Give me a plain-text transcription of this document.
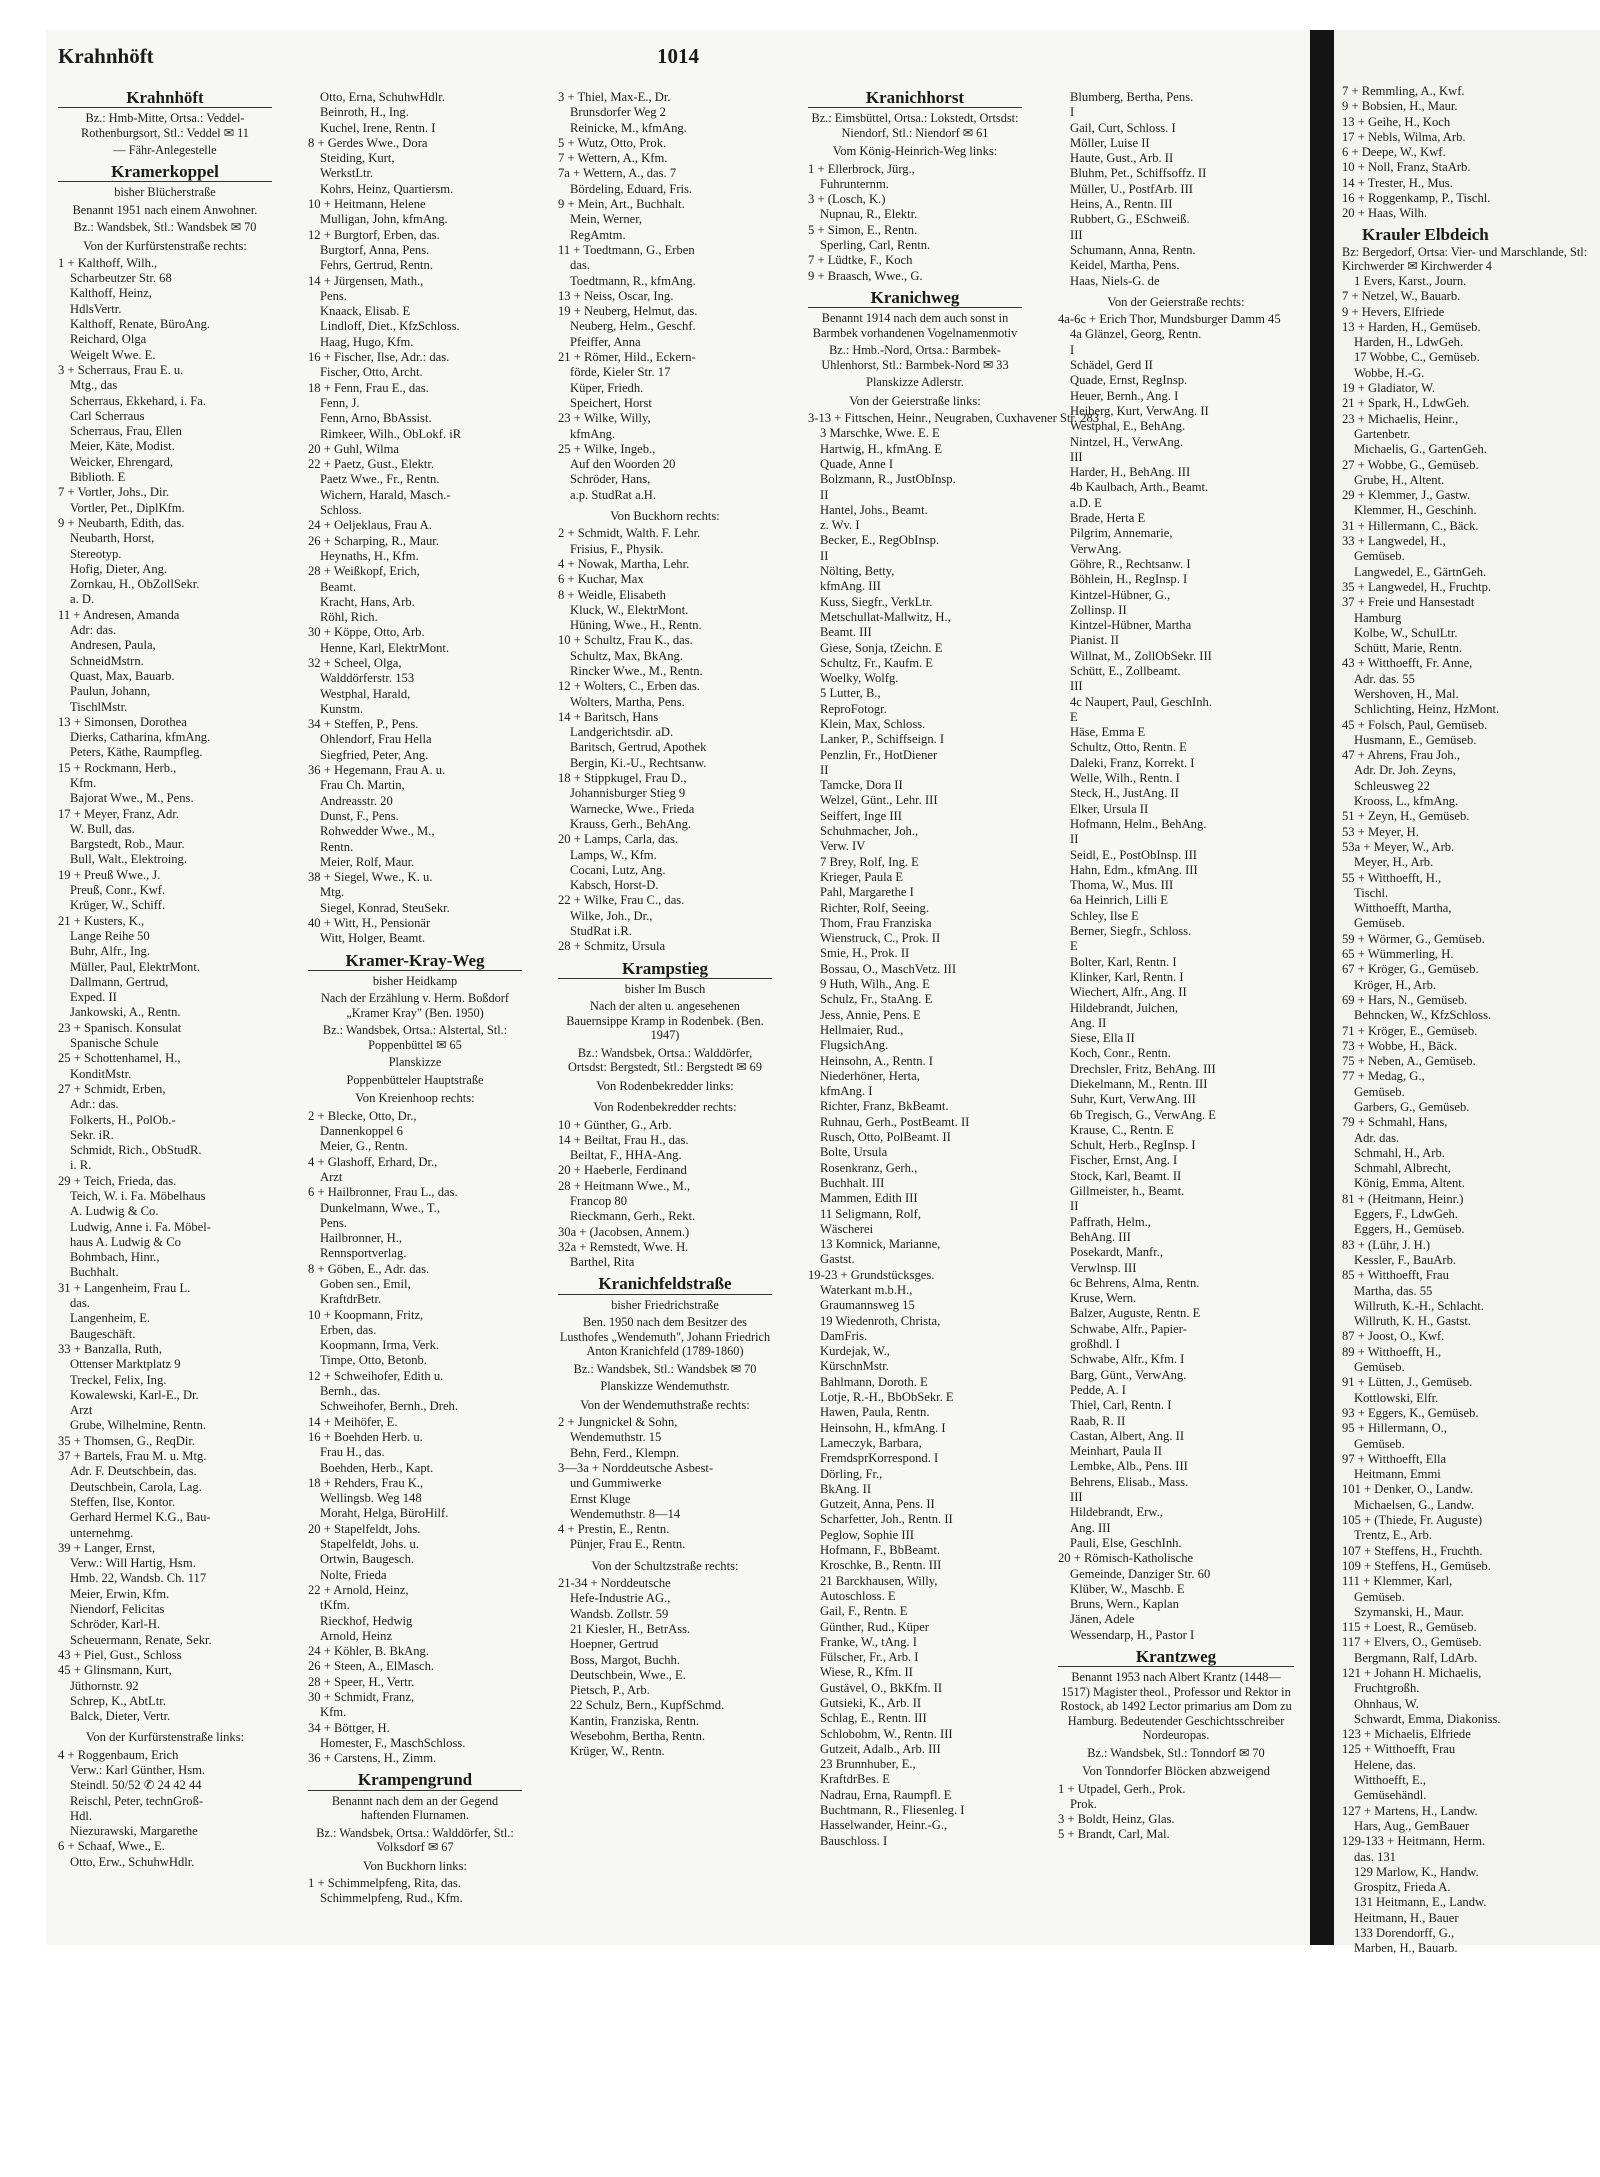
Krahnhöft	1014
Krahnhöft
Bz.: Hmb-Mitte, Ortsa.: Veddel-Rothenburgsort, Stl.: Veddel ✉ 11
— Fähr-Anlegestelle
Kramerkoppel
bisher Blücherstraße
Benannt 1951 nach einem Anwohner.
Bz.: Wandsbek, Stl.: Wandsbek ✉ 70
Von der Kurfürstenstraße rechts:
1 + Kalthoff, Wilh.,
Scharbeutzer Str. 68
Kalthoff, Heinz,
HdlsVertr.
Kalthoff, Renate, BüroAng.
Reichard, Olga
Weigelt Wwe. E.
3 + Scherraus, Frau E. u.
Mtg., das
Scherraus, Ekkehard, i. Fa.
Carl Scherraus
Scherraus, Frau, Ellen
Meier, Käte, Modist.
Weicker, Ehrengard,
Biblioth. E
7 + Vortler, Johs., Dir.
Vortler, Pet., DiplKfm.
9 + Neubarth, Edith, das.
Neubarth, Horst,
Stereotyp.
Hofig, Dieter, Ang.
Zornkau, H., ObZollSekr.
a. D.
11 + Andresen, Amanda
Adr: das.
Andresen, Paula,
SchneidMstrn.
Quast, Max, Bauarb.
Paulun, Johann,
TischlMstr.
13 + Simonsen, Dorothea
Dierks, Catharina, kfmAng.
Peters, Käthe, Raumpfleg.
15 + Rockmann, Herb.,
Kfm.
Bajorat Wwe., M., Pens.
17 + Meyer, Franz, Adr.
W. Bull, das.
Bargstedt, Rob., Maur.
Bull, Walt., Elektroing.
19 + Preuß Wwe., J.
Preuß, Conr., Kwf.
Krüger, W., Schiff.
21 + Kusters, K.,
Lange Reihe 50
Buhr, Alfr., Ing.
Müller, Paul, ElektrMont.
Dallmann, Gertrud,
Exped. II
Jankowski, A., Rentn.
23 + Spanisch. Konsulat
Spanische Schule
25 + Schottenhamel, H.,
KonditMstr.
27 + Schmidt, Erben,
Adr.: das.
Folkerts, H., PolOb.-
Sekr. iR.
Schmidt, Rich., ObStudR.
i. R.
29 + Teich, Frieda, das.
Teich, W. i. Fa. Möbelhaus
A. Ludwig & Co.
Ludwig, Anne i. Fa. Möbel-
haus A. Ludwig & Co
Bohmbach, Hinr.,
Buchhalt.
31 + Langenheim, Frau L.
das.
Langenheim, E.
Baugeschäft.
33 + Banzalla, Ruth,
Ottenser Marktplatz 9
Treckel, Felix, Ing.
Kowalewski, Karl-E., Dr.
Arzt
Grube, Wilhelmine, Rentn.
35 + Thomsen, G., ReqDir.
37 + Bartels, Frau M. u. Mtg.
Adr. F. Deutschbein, das.
Deutschbein, Carola, Lag.
Steffen, Ilse, Kontor.
Gerhard Hermel K.G., Bau-
unternehmg.
39 + Langer, Ernst,
Verw.: Will Hartig, Hsm.
Hmb. 22, Wandsb. Ch. 117
Meier, Erwin, Kfm.
Niendorf, Felicitas
Schröder, Karl-H.
Scheuermann, Renate, Sekr.
43 + Piel, Gust., Schloss
45 + Glinsmann, Kurt,
Jüthornstr. 92
Schrep, K., AbtLtr.
Balck, Dieter, Vertr.
Von der Kurfürstenstraße links:
4 + Roggenbaum, Erich
Verw.: Karl Günther, Hsm.
Steindl. 50/52 ✆ 24 42 44
Reischl, Peter, technGroß-
Hdl.
Niezurawski, Margarethe
6 + Schaaf, Wwe., E.
Otto, Erw., SchuhwHdlr.
Otto, Erna, SchuhwHdlr.
Beinroth, H., Ing.
Kuchel, Irene, Rentn. I
8 + Gerdes Wwe., Dora
Steiding, Kurt,
WerkstLtr.
Kohrs, Heinz, Quartiersm.
10 + Heitmann, Helene
Mulligan, John, kfmAng.
12 + Burgtorf, Erben, das.
Burgtorf, Anna, Pens.
Fehrs, Gertrud, Rentn.
14 + Jürgensen, Math.,
Pens.
Knaack, Elisab. E
Lindloff, Diet., KfzSchloss.
Haag, Hugo, Kfm.
16 + Fischer, Ilse, Adr.: das.
Fischer, Otto, Archt.
18 + Fenn, Frau E., das.
Fenn, J.
Fenn, Arno, BbAssist.
Rimkeer, Wilh., ObLokf. iR
20 + Guhl, Wilma
22 + Paetz, Gust., Elektr.
Paetz Wwe., Fr., Rentn.
Wichern, Harald, Masch.-
Schloss.
24 + Oeljeklaus, Frau A.
26 + Scharping, R., Maur.
Heynaths, H., Kfm.
28 + Weißkopf, Erich,
Beamt.
Kracht, Hans, Arb.
Röhl, Rich.
30 + Köppe, Otto, Arb.
Henne, Karl, ElektrMont.
32 + Scheel, Olga,
Walddörferstr. 153
Westphal, Harald,
Kunstm.
34 + Steffen, P., Pens.
Ohlendorf, Frau Hella
Siegfried, Peter, Ang.
36 + Hegemann, Frau A. u.
Frau Ch. Martin,
Andreasstr. 20
Dunst, F., Pens.
Rohwedder Wwe., M.,
Rentn.
Meier, Rolf, Maur.
38 + Siegel, Wwe., K. u.
Mtg.
Siegel, Konrad, SteuSekr.
40 + Witt, H., Pensionär
Witt, Holger, Beamt.
Kramer-Kray-Weg
bisher Heidkamp
Nach der Erzählung v. Herm. Boßdorf „Kramer Kray" (Ben. 1950)
Bz.: Wandsbek, Ortsa.: Alstertal, Stl.: Poppenbüttel ✉ 65
Planskizze
Poppenbütteler Hauptstraße
Von Kreienhoop rechts:
2 + Blecke, Otto, Dr.,
Dannenkoppel 6
Meier, G., Rentn.
4 + Glashoff, Erhard, Dr.,
Arzt
6 + Hailbronner, Frau L., das.
Dunkelmann, Wwe., T.,
Pens.
Hailbronner, H.,
Rennsportverlag.
8 + Göben, E., Adr. das.
Goben sen., Emil,
KraftdrBetr.
10 + Koopmann, Fritz,
Erben, das.
Koopmann, Irma, Verk.
Timpe, Otto, Betonb.
12 + Schweihofer, Edith u.
Bernh., das.
Schweihofer, Bernh., Dreh.
14 + Meihöfer, E.
16 + Boehden Herb. u.
Frau H., das.
Boehden, Herb., Kapt.
18 + Rehders, Frau K.,
Wellingsb. Weg 148
Moraht, Helga, BüroHilf.
20 + Stapelfeldt, Johs.
Stapelfeldt, Johs. u.
Ortwin, Baugesch.
Nolte, Frieda
22 + Arnold, Heinz,
tKfm.
Rieckhof, Hedwig
Arnold, Heinz
24 + Köhler, B. BkAng.
26 + Steen, A., ElMasch.
28 + Speer, H., Vertr.
30 + Schmidt, Franz,
Kfm.
34 + Böttger, H.
Homester, F., MaschSchloss.
36 + Carstens, H., Zimm.
Krampengrund
Benannt nach dem an der Gegend haftenden Flurnamen.
Bz.: Wandsbek, Ortsa.: Walddörfer, Stl.: Volksdorf ✉ 67
Von Buckhorn links:
1 + Schimmelpfeng, Rita, das.
Schimmelpfeng, Rud., Kfm.
3 + Thiel, Max-E., Dr.
Brunsdorfer Weg 2
Reinicke, M., kfmAng.
5 + Wutz, Otto, Prok.
7 + Wettern, A., Kfm.
7a + Wettern, A., das. 7
Bördeling, Eduard, Fris.
9 + Mein, Art., Buchhalt.
Mein, Werner,
RegAmtm.
11 + Toedtmann, G., Erben
das.
Toedtmann, R., kfmAng.
13 + Neiss, Oscar, Ing.
19 + Neuberg, Helmut, das.
Neuberg, Helm., Geschf.
Pfeiffer, Anna
21 + Römer, Hild., Eckern-
förde, Kieler Str. 17
Küper, Friedh.
Speichert, Horst
23 + Wilke, Willy,
kfmAng.
25 + Wilke, Ingeb.,
Auf den Woorden 20
Schröder, Hans,
a.p. StudRat a.H.
Von Buckhorn rechts:
2 + Schmidt, Walth. F. Lehr.
Frisius, F., Physik.
4 + Nowak, Martha, Lehr.
6 + Kuchar, Max
8 + Weidle, Elisabeth
Kluck, W., ElektrMont.
Hüning, Wwe., H., Rentn.
10 + Schultz, Frau K., das.
Schultz, Max, BkAng.
Rincker Wwe., M., Rentn.
12 + Wolters, C., Erben das.
Wolters, Martha, Pens.
14 + Baritsch, Hans
Landgerichtsdir. aD.
Baritsch, Gertrud, Apothek
Bergin, Ki.-U., Rechtsanw.
18 + Stippkugel, Frau D.,
Johannisburger Stieg 9
Warnecke, Wwe., Frieda
Krauss, Gerh., BehAng.
20 + Lamps, Carla, das.
Lamps, W., Kfm.
Cocani, Lutz, Ang.
Kabsch, Horst-D.
22 + Wilke, Frau C., das.
Wilke, Joh., Dr.,
StudRat i.R.
28 + Schmitz, Ursula
Krampstieg
bisher Im Busch
Nach der alten u. angesehenen Bauernsippe Kramp in Rodenbek. (Ben. 1947)
Bz.: Wandsbek, Ortsa.: Walddörfer, Ortsdst: Bergstedt, Stl.: Bergstedt ✉ 69
Von Rodenbekredder links:
Von Rodenbekredder rechts:
10 + Günther, G., Arb.
14 + Beiltat, Frau H., das.
Beiltat, F., HHA-Ang.
20 + Haeberle, Ferdinand
28 + Heitmann Wwe., M.,
Francop 80
Rieckmann, Gerh., Rekt.
30a + (Jacobsen, Annem.)
32a + Remstedt, Wwe. H.
Barthel, Rita
Kranichfeldstraße
bisher Friedrichstraße
Ben. 1950 nach dem Besitzer des Lusthofes „Wendemuth", Johann Friedrich Anton Kranichfeld (1789-1860)
Bz.: Wandsbek, Stl.: Wandsbek ✉ 70
Planskizze Wendemuthstr.
Von der Wendemuthstraße rechts:
2 + Jungnickel & Sohn,
Wendemuthstr. 15
Behn, Ferd., Klempn.
3—3a + Norddeutsche Asbest-
und Gummiwerke
Ernst Kluge
Wendemuthstr. 8—14
4 + Prestin, E., Rentn.
Pünjer, Frau E., Rentn.
Von der Schultzstraße rechts:
21-34 + Norddeutsche
Hefe-Industrie AG.,
Wandsb. Zollstr. 59
21 Kiesler, H., BetrAss.
Hoepner, Gertrud
Boss, Margot, Buchh.
Deutschbein, Wwe., E.
Pietsch, P., Arb.
22 Schulz, Bern., KupfSchmd.
Kantin, Franziska, Rentn.
Wesebohm, Bertha, Rentn.
Krüger, W., Rentn.
Kranichhorst
Bz.: Eimsbüttel, Ortsa.: Lokstedt, Ortsdst: Niendorf, Stl.: Niendorf ✉ 61
Vom König-Heinrich-Weg links:
1 + Ellerbrock, Jürg.,
Fuhrunternm.
3 + (Losch, K.)
Nupnau, R., Elektr.
5 + Simon, E., Rentn.
Sperling, Carl, Rentn.
7 + Lüdtke, F., Koch
9 + Braasch, Wwe., G.
Kranichweg
Benannt 1914 nach dem auch sonst in Barmbek vorhandenen Vogelnamenmotiv
Bz.: Hmb.-Nord, Ortsa.: Barmbek-Uhlenhorst, Stl.: Barmbek-Nord ✉ 33
Planskizze Adlerstr.
Von der Geierstraße links:
3-13 + Fittschen, Heinr., Neugraben, Cuxhavener Str. 283
3 Marschke, Wwe. E. E
Hartwig, H., kfmAng. E
Quade, Anne I
Bolzmann, R., JustObInsp.
II
Hantel, Johs., Beamt.
z. Wv. I
Becker, E., RegObInsp.
II
Nölting, Betty,
kfmAng. III
Kuss, Siegfr., VerkLtr.
Metschullat-Mallwitz, H.,
Beamt. III
Giese, Sonja, tZeichn. E
Schultz, Fr., Kaufm. E
Woelky, Wolfg.
5 Lutter, B.,
ReproFotogr.
Klein, Max, Schloss.
Lanker, P., Schiffseign. I
Penzlin, Fr., HotDiener
II
Tamcke, Dora II
Welzel, Günt., Lehr. III
Seiffert, Inge III
Schuhmacher, Joh.,
Verw. IV
7 Brey, Rolf, Ing. E
Krieger, Paula E
Pahl, Margarethe I
Richter, Rolf, Seeing.
Thom, Frau Franziska
Wienstruck, C., Prok. II
Smie, H., Prok. II
Bossau, O., MaschVetz. III
9 Huth, Wilh., Ang. E
Schulz, Fr., StaAng. E
Jess, Annie, Pens. E
Hellmaier, Rud.,
FlugsichAng.
Heinsohn, A., Rentn. I
Niederhöner, Herta,
kfmAng. I
Richter, Franz, BkBeamt.
Ruhnau, Gerh., PostBeamt. II
Rusch, Otto, PolBeamt. II
Bolte, Ursula
Rosenkranz, Gerh.,
Buchhalt. III
Mammen, Edith III
11 Seligmann, Rolf,
Wäscherei
13 Komnick, Marianne,
Gastst.
19-23 + Grundstücksges.
Waterkant m.b.H.,
Graumannsweg 15
19 Wiedenroth, Christa,
DamFris.
Kurdejak, W.,
KürschnMstr.
Bahlmann, Doroth. E
Lotje, R.-H., BbObSekr. E
Hawen, Paula, Rentn.
Heinsohn, H., kfmAng. I
Lameczyk, Barbara,
FremdsprKorrespond. I
Dörling, Fr.,
BkAng. II
Gutzeit, Anna, Pens. II
Scharfetter, Joh., Rentn. II
Peglow, Sophie III
Hofmann, F., BbBeamt.
Kroschke, B., Rentn. III
21 Barckhausen, Willy,
Autoschloss. E
Gail, F., Rentn. E
Günther, Rud., Küper
Franke, W., tAng. I
Fülscher, Fr., Arb. I
Wiese, R., Kfm. II
Gustävel, O., BkKfm. II
Gutsieki, K., Arb. II
Schlag, E., Rentn. III
Schlobohm, W., Rentn. III
Gutzeit, Adalb., Arb. III
23 Brunnhuber, E.,
KraftdrBes. E
Nadrau, Erna, Raumpfl. E
Buchtmann, R., Fliesenleg. I
Hasselwander, Heinr.-G.,
Bauschloss. I
Blumberg, Bertha, Pens.
I
Gail, Curt, Schloss. I
Möller, Luise II
Haute, Gust., Arb. II
Bluhm, Pet., Schiffsoffz. II
Müller, U., PostfArb. III
Heins, A., Rentn. III
Rubbert, G., ESchweiß.
III
Schumann, Anna, Rentn.
Keidel, Martha, Pens.
Haas, Niels-G. de
Von der Geierstraße rechts:
4a-6c + Erich Thor, Mundsburger Damm 45
4a Glänzel, Georg, Rentn.
I
Schädel, Gerd II
Quade, Ernst, RegInsp.
Heuer, Bernh., Ang. I
Heiberg, Kurt, VerwAng. II
Westphal, E., BehAng.
Nintzel, H., VerwAng.
III
Harder, H., BehAng. III
4b Kaulbach, Arth., Beamt.
a.D. E
Brade, Herta E
Pilgrim, Annemarie,
VerwAng.
Göhre, R., Rechtsanw. I
Böhlein, H., RegInsp. I
Kintzel-Hübner, G.,
Zollinsp. II
Kintzel-Hübner, Martha
Pianist. II
Willnat, M., ZollObSekr. III
Schütt, E., Zollbeamt.
III
4c Naupert, Paul, GeschInh.
E
Häse, Emma E
Schultz, Otto, Rentn. E
Daleki, Franz, Korrekt. I
Welle, Wilh., Rentn. I
Steck, H., JustAng. II
Elker, Ursula II
Hofmann, Helm., BehAng.
II
Seidl, E., PostObInsp. III
Hahn, Edm., kfmAng. III
Thoma, W., Mus. III
6a Heinrich, Lilli E
Schley, Ilse E
Berner, Siegfr., Schloss.
E
Bolter, Karl, Rentn. I
Klinker, Karl, Rentn. I
Wiechert, Alfr., Ang. II
Hildebrandt, Julchen,
Ang. II
Siese, Ella II
Koch, Conr., Rentn.
Drechsler, Fritz, BehAng. III
Diekelmann, M., Rentn. III
Suhr, Kurt, VerwAng. III
6b Tregisch, G., VerwAng. E
Krause, C., Rentn. E
Schult, Herb., RegInsp. I
Fischer, Ernst, Ang. I
Stock, Karl, Beamt. II
Gillmeister, h., Beamt.
II
Paffrath, Helm.,
BehAng. III
Posekardt, Manfr.,
Verwlnsp. III
6c Behrens, Alma, Rentn.
Kruse, Wern.
Balzer, Auguste, Rentn. E
Schwabe, Alfr., Papier-
großhdl. I
Schwabe, Alfr., Kfm. I
Barg, Günt., VerwAng.
Pedde, A. I
Thiel, Carl, Rentn. I
Raab, R. II
Castan, Albert, Ang. II
Meinhart, Paula II
Lembke, Alb., Pens. III
Behrens, Elisab., Mass.
III
Hildebrandt, Erw.,
Ang. III
Pauli, Else, GeschInh.
20 + Römisch-Katholische
Gemeinde, Danziger Str. 60
Klüber, W., Maschb. E
Bruns, Wern., Kaplan
Jänen, Adele
Wessendarp, H., Pastor I
Krantzweg
Benannt 1953 nach Albert Krantz (1448—1517) Magister theol., Professor und Rektor in Rostock, ab 1492 Lector primarius am Dom zu Hamburg. Bedeutender Geschichtsschreiber Nordeuropas.
Bz.: Wandsbek, Stl.: Tonndorf ✉ 70
Von Tonndorfer Blöcken abzweigend
1 + Utpadel, Gerh., Prok.
Prok.
3 + Boldt, Heinz, Glas.
5 + Brandt, Carl, Mal.
7 + Remmling, A., Kwf.
9 + Bobsien, H., Maur.
13 + Geihe, H., Koch
17 + Nebls, Wilma, Arb.
6 + Deepe, W., Kwf.
10 + Noll, Franz, StaArb.
14 + Trester, H., Mus.
16 + Roggenkamp, P., Tischl.
20 + Haas, Wilh.
Krauler Elbdeich
Bz: Bergedorf, Ortsa: Vier- und Marschlande, Stl: Kirchwerder ✉ Kirchwerder 4
1 Evers, Karst., Journ.
7 + Netzel, W., Bauarb.
9 + Hevers, Elfriede
13 + Harden, H., Gemüseb.
Harden, H., LdwGeh.
17 Wobbe, C., Gemüseb.
Wobbe, H.-G.
19 + Gladiator, W.
21 + Spark, H., LdwGeh.
23 + Michaelis, Heinr.,
Gartenbetr.
Michaelis, G., GartenGeh.
27 + Wobbe, G., Gemüseb.
Grube, H., Altent.
29 + Klemmer, J., Gastw.
Klemmer, H., Geschinh.
31 + Hillermann, C., Bäck.
33 + Langwedel, H.,
Gemüseb.
Langwedel, E., GärtnGeh.
35 + Langwedel, H., Fruchtp.
37 + Freie und Hansestadt
Hamburg
Kolbe, W., SchulLtr.
Schütt, Marie, Rentn.
43 + Witthoefft, Fr. Anne,
Adr. das. 55
Wershoven, H., Mal.
Schlichting, Heinz, HzMont.
45 + Folsch, Paul, Gemüseb.
Husmann, E., Gemüseb.
47 + Ahrens, Frau Joh.,
Adr. Dr. Joh. Zeyns,
Schleusweg 22
Krooss, L., kfmAng.
51 + Zeyn, H., Gemüseb.
53 + Meyer, H.
53a + Meyer, W., Arb.
Meyer, H., Arb.
55 + Witthoefft, H.,
Tischl.
Witthoefft, Martha,
Gemüseb.
59 + Wörmer, G., Gemüseb.
65 + Wümmerling, H.
67 + Kröger, G., Gemüseb.
Kröger, H., Arb.
69 + Hars, N., Gemüseb.
Behncken, W., KfzSchloss.
71 + Kröger, E., Gemüseb.
73 + Wobbe, H., Bäck.
75 + Neben, A., Gemüseb.
77 + Medag, G.,
Gemüseb.
Garbers, G., Gemüseb.
79 + Schmahl, Hans,
Adr. das.
Schmahl, H., Arb.
Schmahl, Albrecht,
König, Emma, Altent.
81 + (Heitmann, Heinr.)
Eggers, F., LdwGeh.
Eggers, H., Gemüseb.
83 + (Lühr, J. H.)
Kessler, F., BauArb.
85 + Witthoefft, Frau
Martha, das. 55
Willruth, K.-H., Schlacht.
Willruth, K. H., Gastst.
87 + Joost, O., Kwf.
89 + Witthoefft, H.,
Gemüseb.
91 + Lütten, J., Gemüseb.
Kottlowski, Elfr.
93 + Eggers, K., Gemüseb.
95 + Hillermann, O.,
Gemüseb.
97 + Witthoefft, Ella
Heitmann, Emmi
101 + Denker, O., Landw.
Michaelsen, G., Landw.
105 + (Thiede, Fr. Auguste)
Trentz, E., Arb.
107 + Steffens, H., Fruchth.
109 + Steffens, H., Gemüseb.
111 + Klemmer, Karl,
Gemüseb.
Szymanski, H., Maur.
115 + Loest, R., Gemüseb.
117 + Elvers, O., Gemüseb.
Bergmann, Ralf, LdArb.
121 + Johann H. Michaelis,
Fruchtgroßh.
Ohnhaus, W.
Schwardt, Emma, Diakoniss.
123 + Michaelis, Elfriede
125 + Witthoefft, Frau
Helene, das.
Witthoefft, E.,
Gemüsehändl.
127 + Martens, H., Landw.
Hars, Aug., GemBauer
129-133 + Heitmann, Herm.
das. 131
129 Marlow, K., Handw.
Grospitz, Frieda A.
131 Heitmann, E., Landw.
Heitmann, H., Bauer
133 Dorendorff, G.,
Marben, H., Bauarb.
